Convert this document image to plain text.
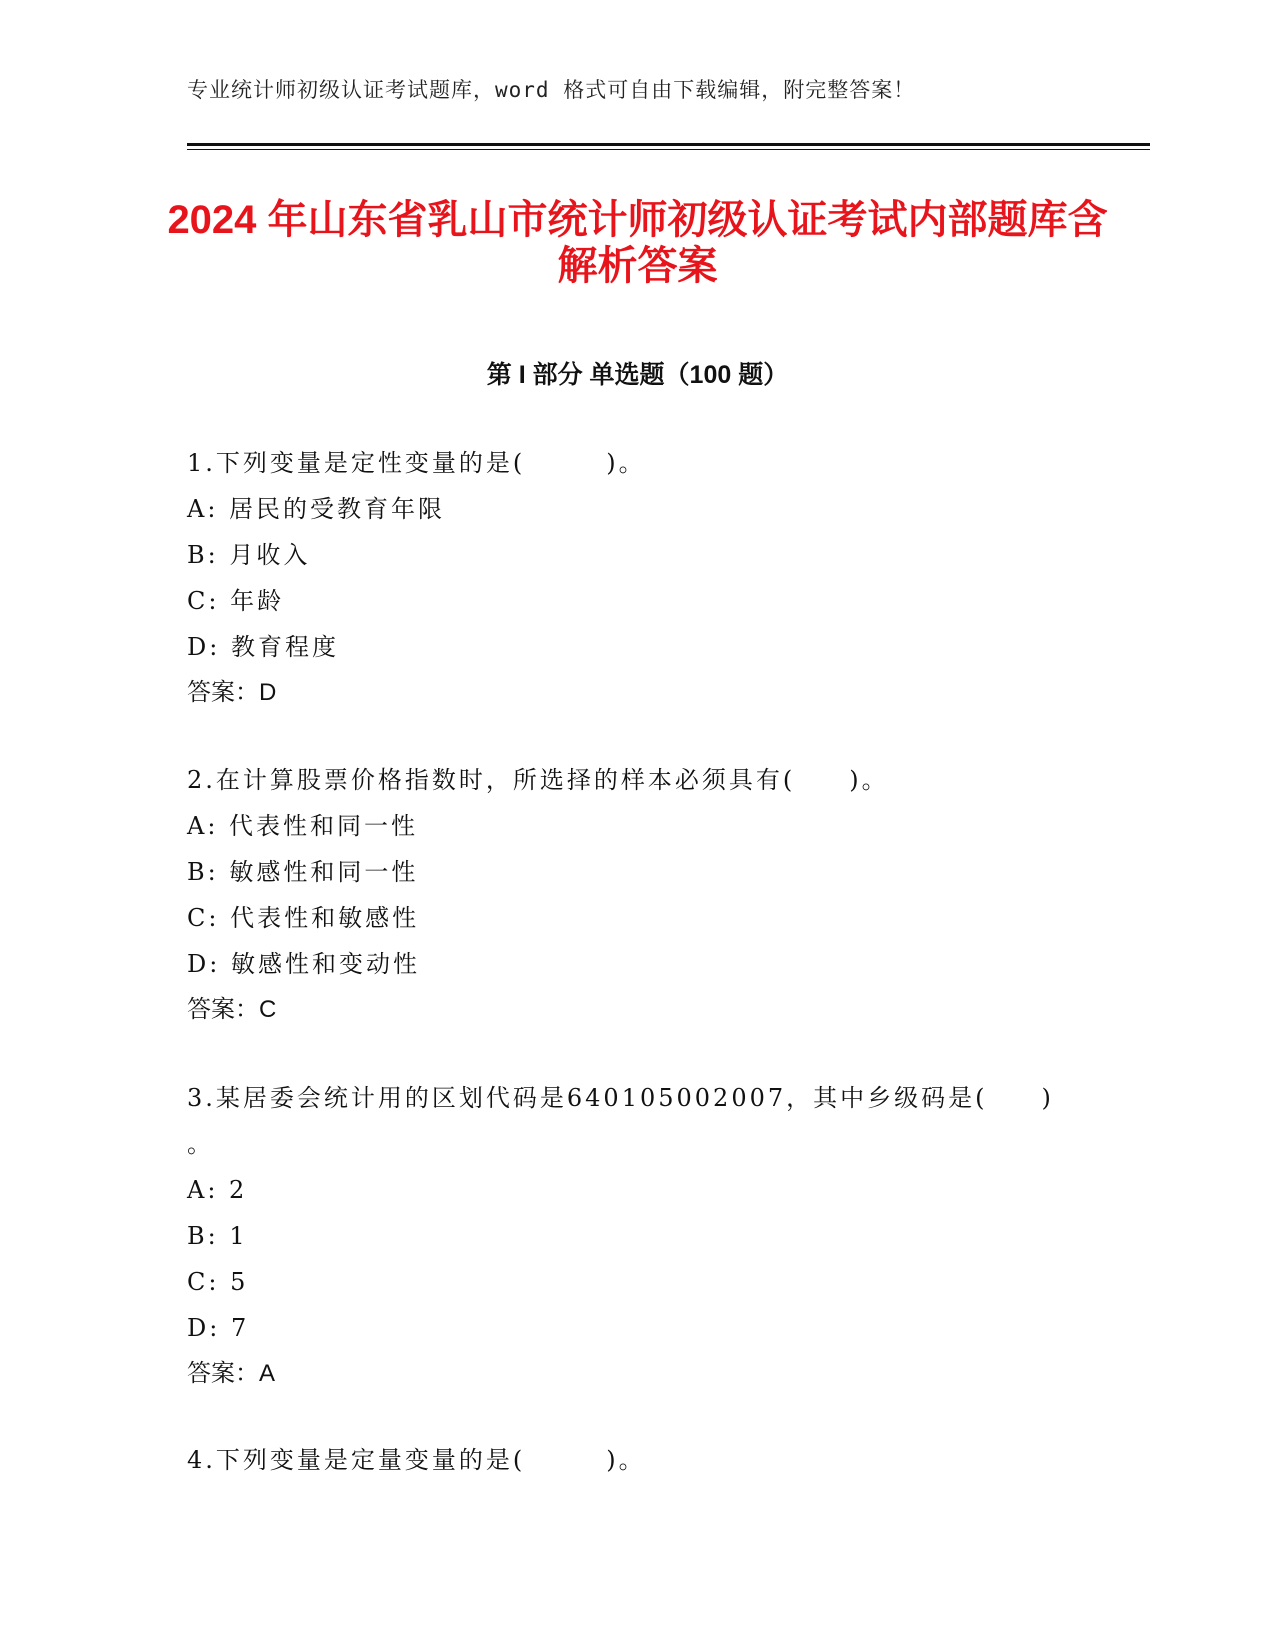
专业统计师初级认证考试题库，word 格式可自由下载编辑，附完整答案！
2024 年山东省乳山市统计师初级认证考试内部题库含解析答案
第 I 部分 单选题（100 题）
1.下列变量是定性变量的是(　　　)。
A: 居民的受教育年限
B: 月收入
C: 年龄
D: 教育程度
答案：D
2.在计算股票价格指数时，所选择的样本必须具有(　　)。
A: 代表性和同一性
B: 敏感性和同一性
C: 代表性和敏感性
D: 敏感性和变动性
答案：C
3.某居委会统计用的区划代码是640105002007，其中乡级码是(　　)
。
A: 2
B: 1
C: 5
D: 7
答案：A
4.下列变量是定量变量的是(　　　)。
